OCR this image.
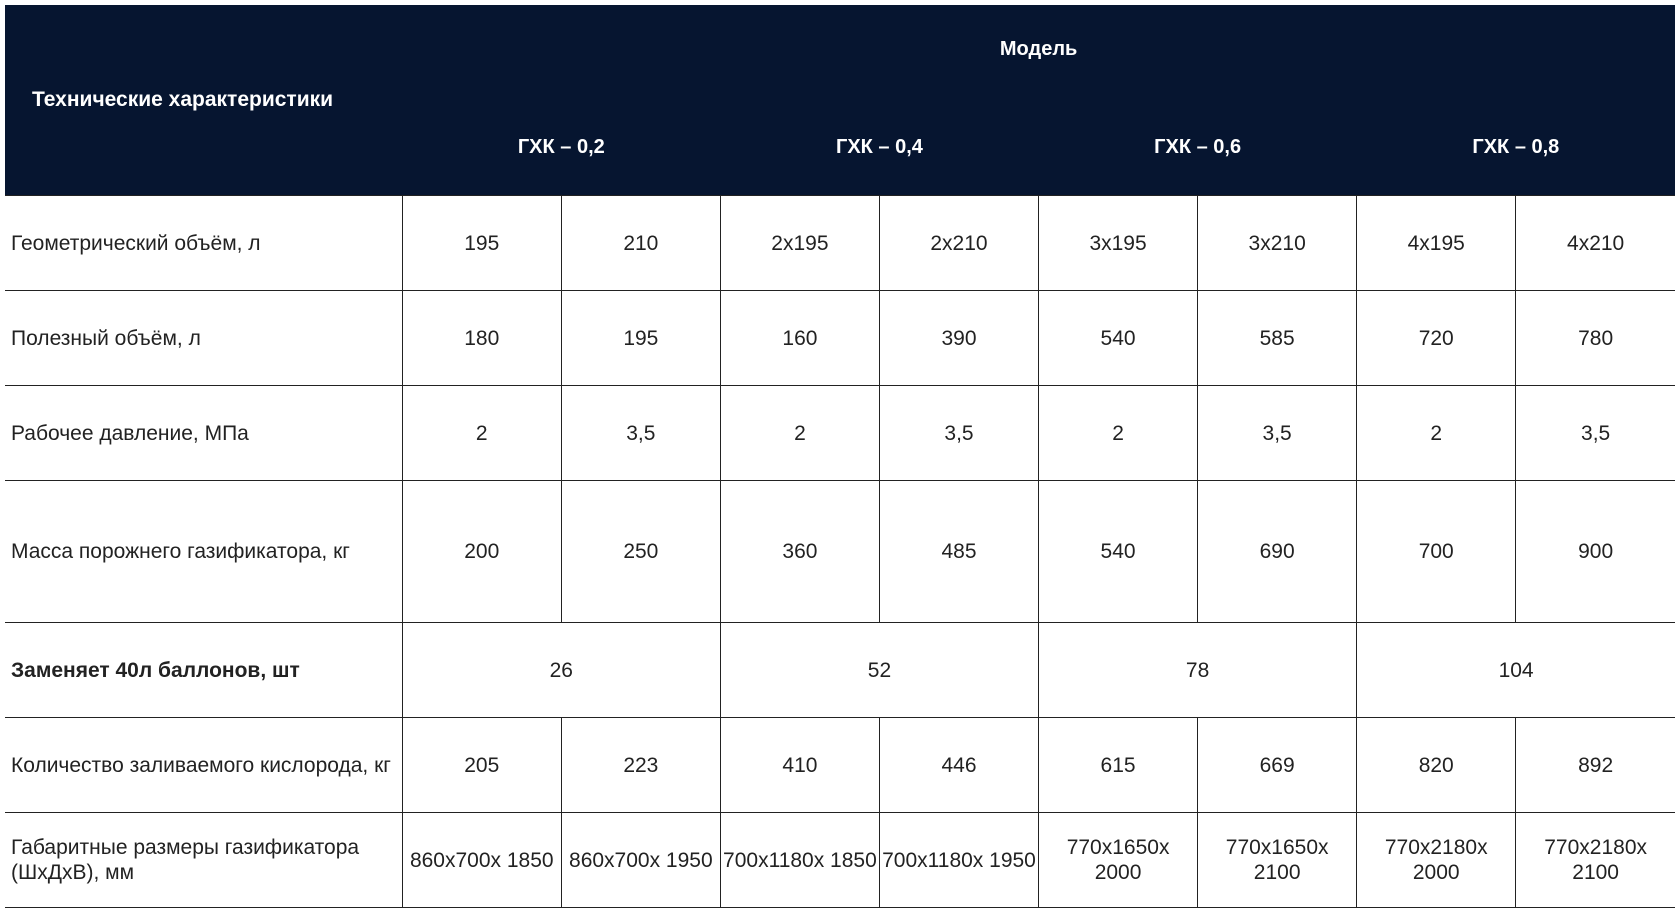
Технические характеристики	Модель							
	ГХК – 0,2		ГХК – 0,4		ГХК – 0,6		ГХК – 0,8	
Геометрический объём, л	195	210	2х195	2х210	3х195	3х210	4х195	4х210
Полезный объём, л	180	195	160	390	540	585	720	780
Рабочее давление, МПа	2	3,5	2	3,5	2	3,5	2	3,5
Масса порожнего газификатора, кг	200	250	360	485	540	690	700	900
Заменяет 40л баллонов, шт	26		52		78		104	
Количество заливаемого кислорода, кг	205	223	410	446	615	669	820	892
Габаритные размеры газификатора (ШхДхВ), мм	860х700х 1850	860х700х 1950	700х1180х 1850	700х1180х 1950	770х1650х 2000	770х1650х 2100	770х2180х 2000	770х2180х 2100
